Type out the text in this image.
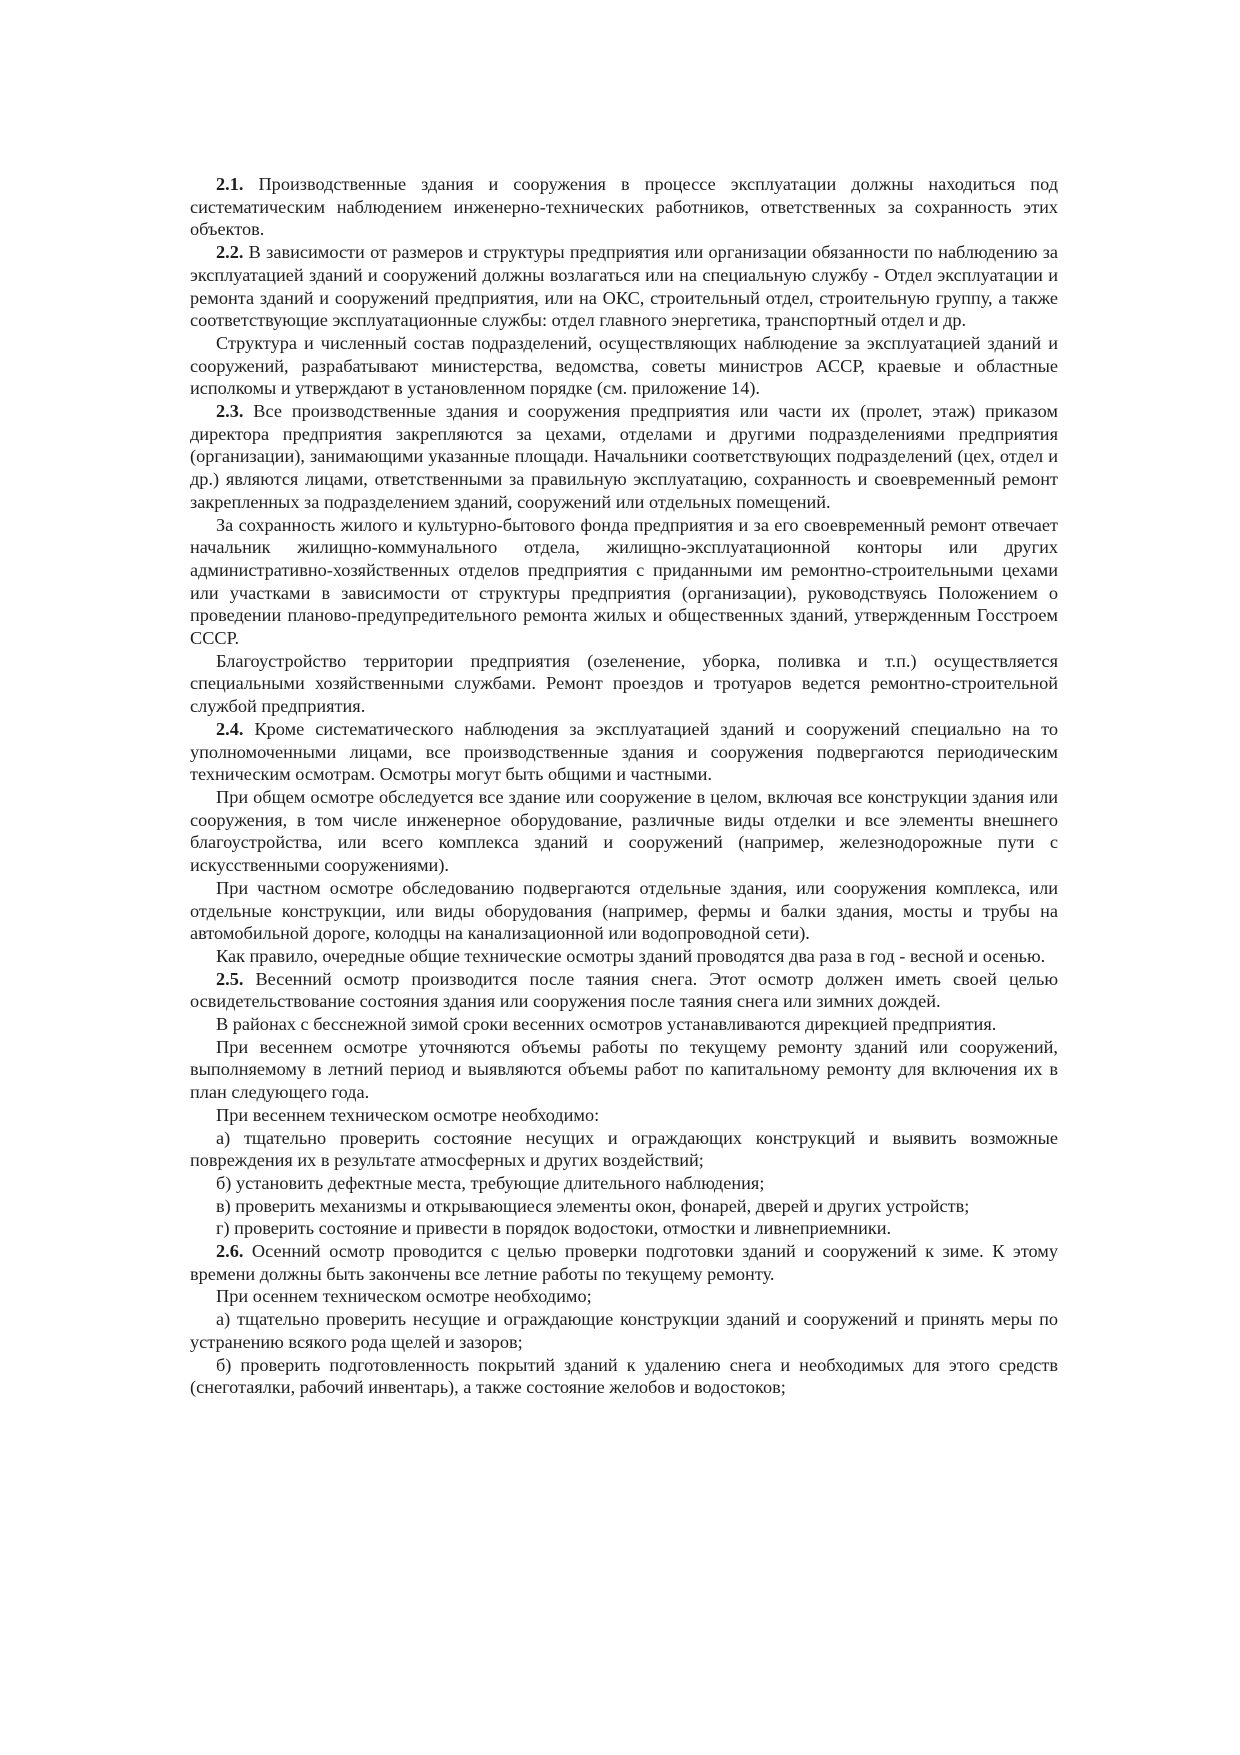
2.1. Производственные здания и сооружения в процессе эксплуатации должны находиться под систематическим наблюдением инженерно-технических работников, ответственных за сохранность этих объектов.

2.2. В зависимости от размеров и структуры предприятия или организации обязанности по наблюдению за эксплуатацией зданий и сооружений должны возлагаться или на специальную службу - Отдел эксплуатации и ремонта зданий и сооружений предприятия, или на ОКС, строительный отдел, строительную группу, а также соответствующие эксплуатационные службы: отдел главного энергетика, транспортный отдел и др.

Структура и численный состав подразделений, осуществляющих наблюдение за эксплуатацией зданий и сооружений, разрабатывают министерства, ведомства, советы министров АССР, краевые и областные исполкомы и утверждают в установленном порядке (см. приложение 14).

2.3. Все производственные здания и сооружения предприятия или части их (пролет, этаж) приказом директора предприятия закрепляются за цехами, отделами и другими подразделениями предприятия (организации), занимающими указанные площади. Начальники соответствующих подразделений (цех, отдел и др.) являются лицами, ответственными за правильную эксплуатацию, сохранность и своевременный ремонт закрепленных за подразделением зданий, сооружений или отдельных помещений.

За сохранность жилого и культурно-бытового фонда предприятия и за его своевременный ремонт отвечает начальник жилищно-коммунального отдела, жилищно-эксплуатационной конторы или других административно-хозяйственных отделов предприятия с приданными им ремонтно-строительными цехами или участками в зависимости от структуры предприятия (организации), руководствуясь Положением о проведении планово-предупредительного ремонта жилых и общественных зданий, утвержденным Госстроем СССР.

Благоустройство территории предприятия (озеленение, уборка, поливка и т.п.) осуществляется специальными хозяйственными службами. Ремонт проездов и тротуаров ведется ремонтно-строительной службой предприятия.

2.4. Кроме систематического наблюдения за эксплуатацией зданий и сооружений специально на то уполномоченными лицами, все производственные здания и сооружения подвергаются периодическим техническим осмотрам. Осмотры могут быть общими и частными.

При общем осмотре обследуется все здание или сооружение в целом, включая все конструкции здания или сооружения, в том числе инженерное оборудование, различные виды отделки и все элементы внешнего благоустройства, или всего комплекса зданий и сооружений (например, железнодорожные пути с искусственными сооружениями).

При частном осмотре обследованию подвергаются отдельные здания, или сооружения комплекса, или отдельные конструкции, или виды оборудования (например, фермы и балки здания, мосты и трубы на автомобильной дороге, колодцы на канализационной или водопроводной сети).

Как правило, очередные общие технические осмотры зданий проводятся два раза в год - весной и осенью.

2.5. Весенний осмотр производится после таяния снега. Этот осмотр должен иметь своей целью освидетельствование состояния здания или сооружения после таяния снега или зимних дождей.

В районах с бесснежной зимой сроки весенних осмотров устанавливаются дирекцией предприятия.

При весеннем осмотре уточняются объемы работы по текущему ремонту зданий или сооружений, выполняемому в летний период и выявляются объемы работ по капитальному ремонту для включения их в план следующего года.

При весеннем техническом осмотре необходимо:

а) тщательно проверить состояние несущих и ограждающих конструкций и выявить возможные повреждения их в результате атмосферных и других воздействий;

б) установить дефектные места, требующие длительного наблюдения;

в) проверить механизмы и открывающиеся элементы окон, фонарей, дверей и других устройств;

г) проверить состояние и привести в порядок водостоки, отмостки и ливнеприемники.

2.6. Осенний осмотр проводится с целью проверки подготовки зданий и сооружений к зиме. К этому времени должны быть закончены все летние работы по текущему ремонту.

При осеннем техническом осмотре необходимо;

а) тщательно проверить несущие и ограждающие конструкции зданий и сооружений и принять меры по устранению всякого рода щелей и зазоров;

б) проверить подготовленность покрытий зданий к удалению снега и необходимых для этого средств (снеготаялки, рабочий инвентарь), а также состояние желобов и водостоков;
